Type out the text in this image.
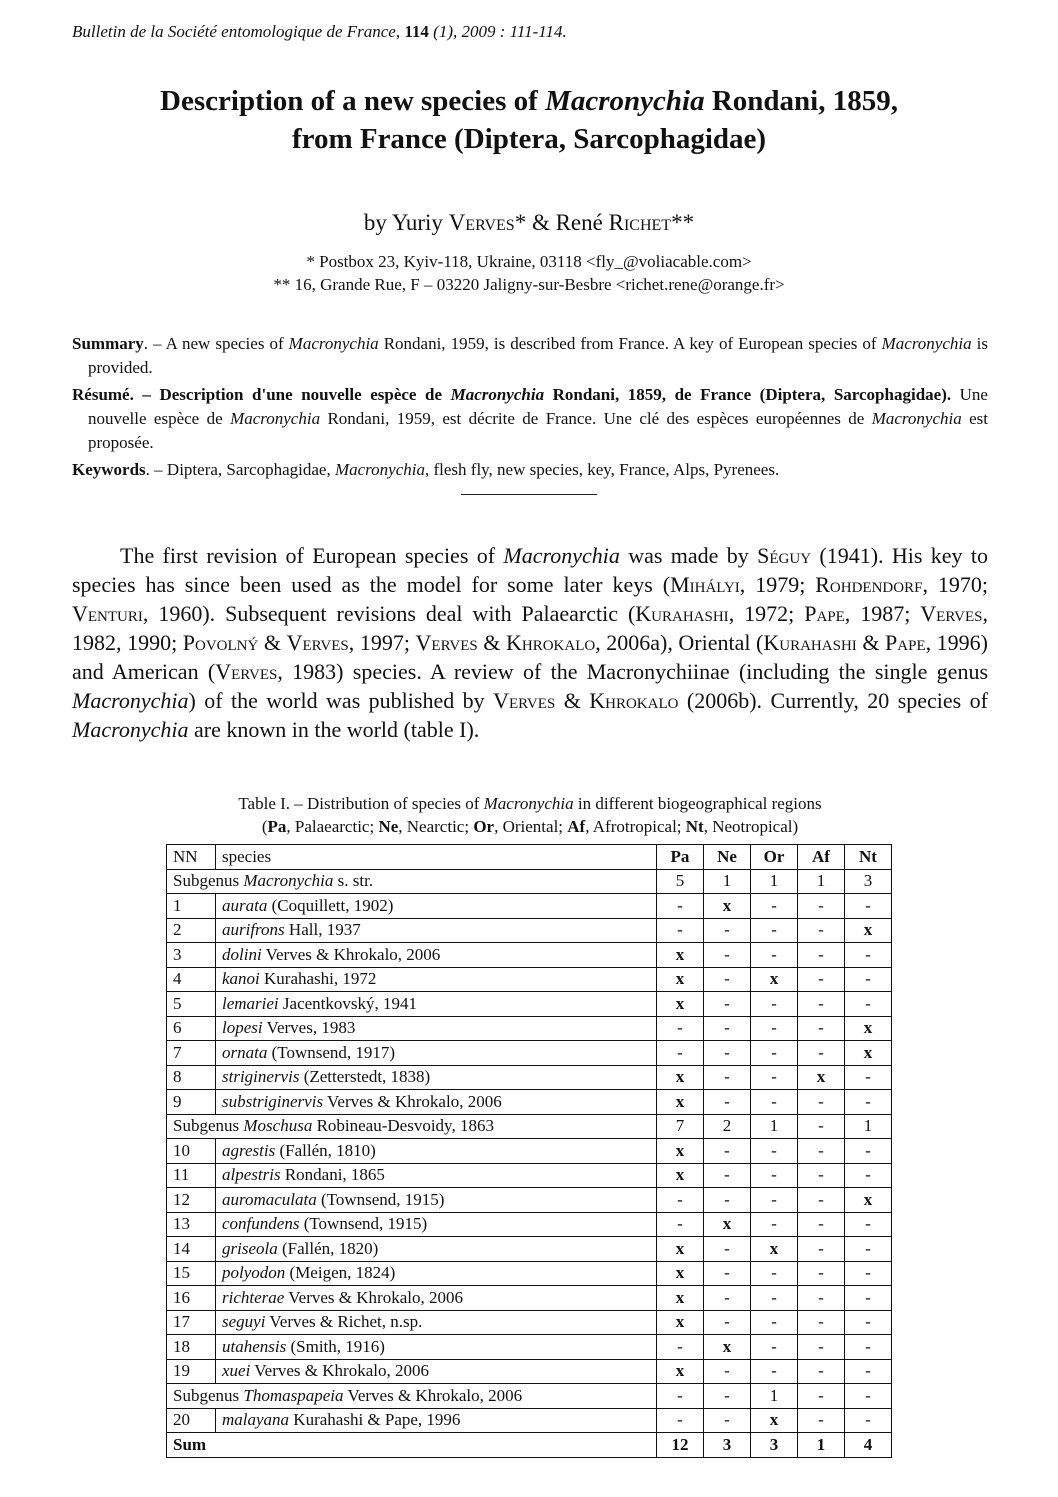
Bulletin de la Société entomologique de France, 114 (1), 2009 : 111-114.
Description of a new species of Macronychia Rondani, 1859,
from France (Diptera, Sarcophagidae)
by Yuriy Verves* & René Richet**
* Postbox 23, Kyiv-118, Ukraine, 03118 <fly_@voliacable.com>
** 16, Grande Rue, F – 03220 Jaligny-sur-Besbre <richet.rene@orange.fr>

Summary. – A new species of Macronychia Rondani, 1959, is described from France. A key of European species of Macronychia is provided.

Résumé. – Description d'une nouvelle espèce de Macronychia Rondani, 1859, de France (Diptera, Sarcophagidae). Une nouvelle espèce de Macronychia Rondani, 1959, est décrite de France. Une clé des espèces européennes de Macronychia est proposée.

Keywords. – Diptera, Sarcophagidae, Macronychia, flesh fly, new species, key, France, Alps, Pyrenees.

The first revision of European species of Macronychia was made by Séguy (1941). His key to species has since been used as the model for some later keys (Mihályi, 1979; Rohdendorf, 1970; Venturi, 1960). Subsequent revisions deal with Palaearctic (Kurahashi, 1972; Pape, 1987; Verves, 1982, 1990; Povolný & Verves, 1997; Verves & Khrokalo, 2006a), Oriental (Kurahashi & Pape, 1996) and American (Verves, 1983) species. A review of the Macronychiinae (including the single genus Macronychia) of the world was published by Verves & Khrokalo (2006b). Currently, 20 species of Macronychia are known in the world (table I).

Table I. – Distribution of species of Macronychia in different biogeographical regions
(Pa, Palaearctic; Ne, Nearctic; Or, Oriental; Af, Afrotropical; Nt, Neotropical)
NN	species	Pa	Ne	Or	Af	Nt
Subgenus Macronychia s. str.		5	1	1	1	3
1	aurata (Coquillett, 1902)	-	x	-	-	-
2	aurifrons Hall, 1937	-	-	-	-	x
3	dolini Verves & Khrokalo, 2006	x	-	-	-	-
4	kanoi Kurahashi, 1972	x	-	x	-	-
5	lemariei Jacentkovský, 1941	x	-	-	-	-
6	lopesi Verves, 1983	-	-	-	-	x
7	ornata (Townsend, 1917)	-	-	-	-	x
8	striginervis (Zetterstedt, 1838)	x	-	-	x	-
9	substriginervis Verves & Khrokalo, 2006	x	-	-	-	-
Subgenus Moschusa Robineau-Desvoidy, 1863		7	2	1	-	1
10	agrestis (Fallén, 1810)	x	-	-	-	-
11	alpestris Rondani, 1865	x	-	-	-	-
12	auromaculata (Townsend, 1915)	-	-	-	-	x
13	confundens (Townsend, 1915)	-	x	-	-	-
14	griseola (Fallén, 1820)	x	-	x	-	-
15	polyodon (Meigen, 1824)	x	-	-	-	-
16	richterae Verves & Khrokalo, 2006	x	-	-	-	-
17	seguyi Verves & Richet, n.sp.	x	-	-	-	-
18	utahensis (Smith, 1916)	-	x	-	-	-
19	xuei Verves & Khrokalo, 2006	x	-	-	-	-
Subgenus Thomaspapeia Verves & Khrokalo, 2006		-	-	1	-	-
20	malayana Kurahashi & Pape, 1996	-	-	x	-	-
Sum		12	3	3	1	4
